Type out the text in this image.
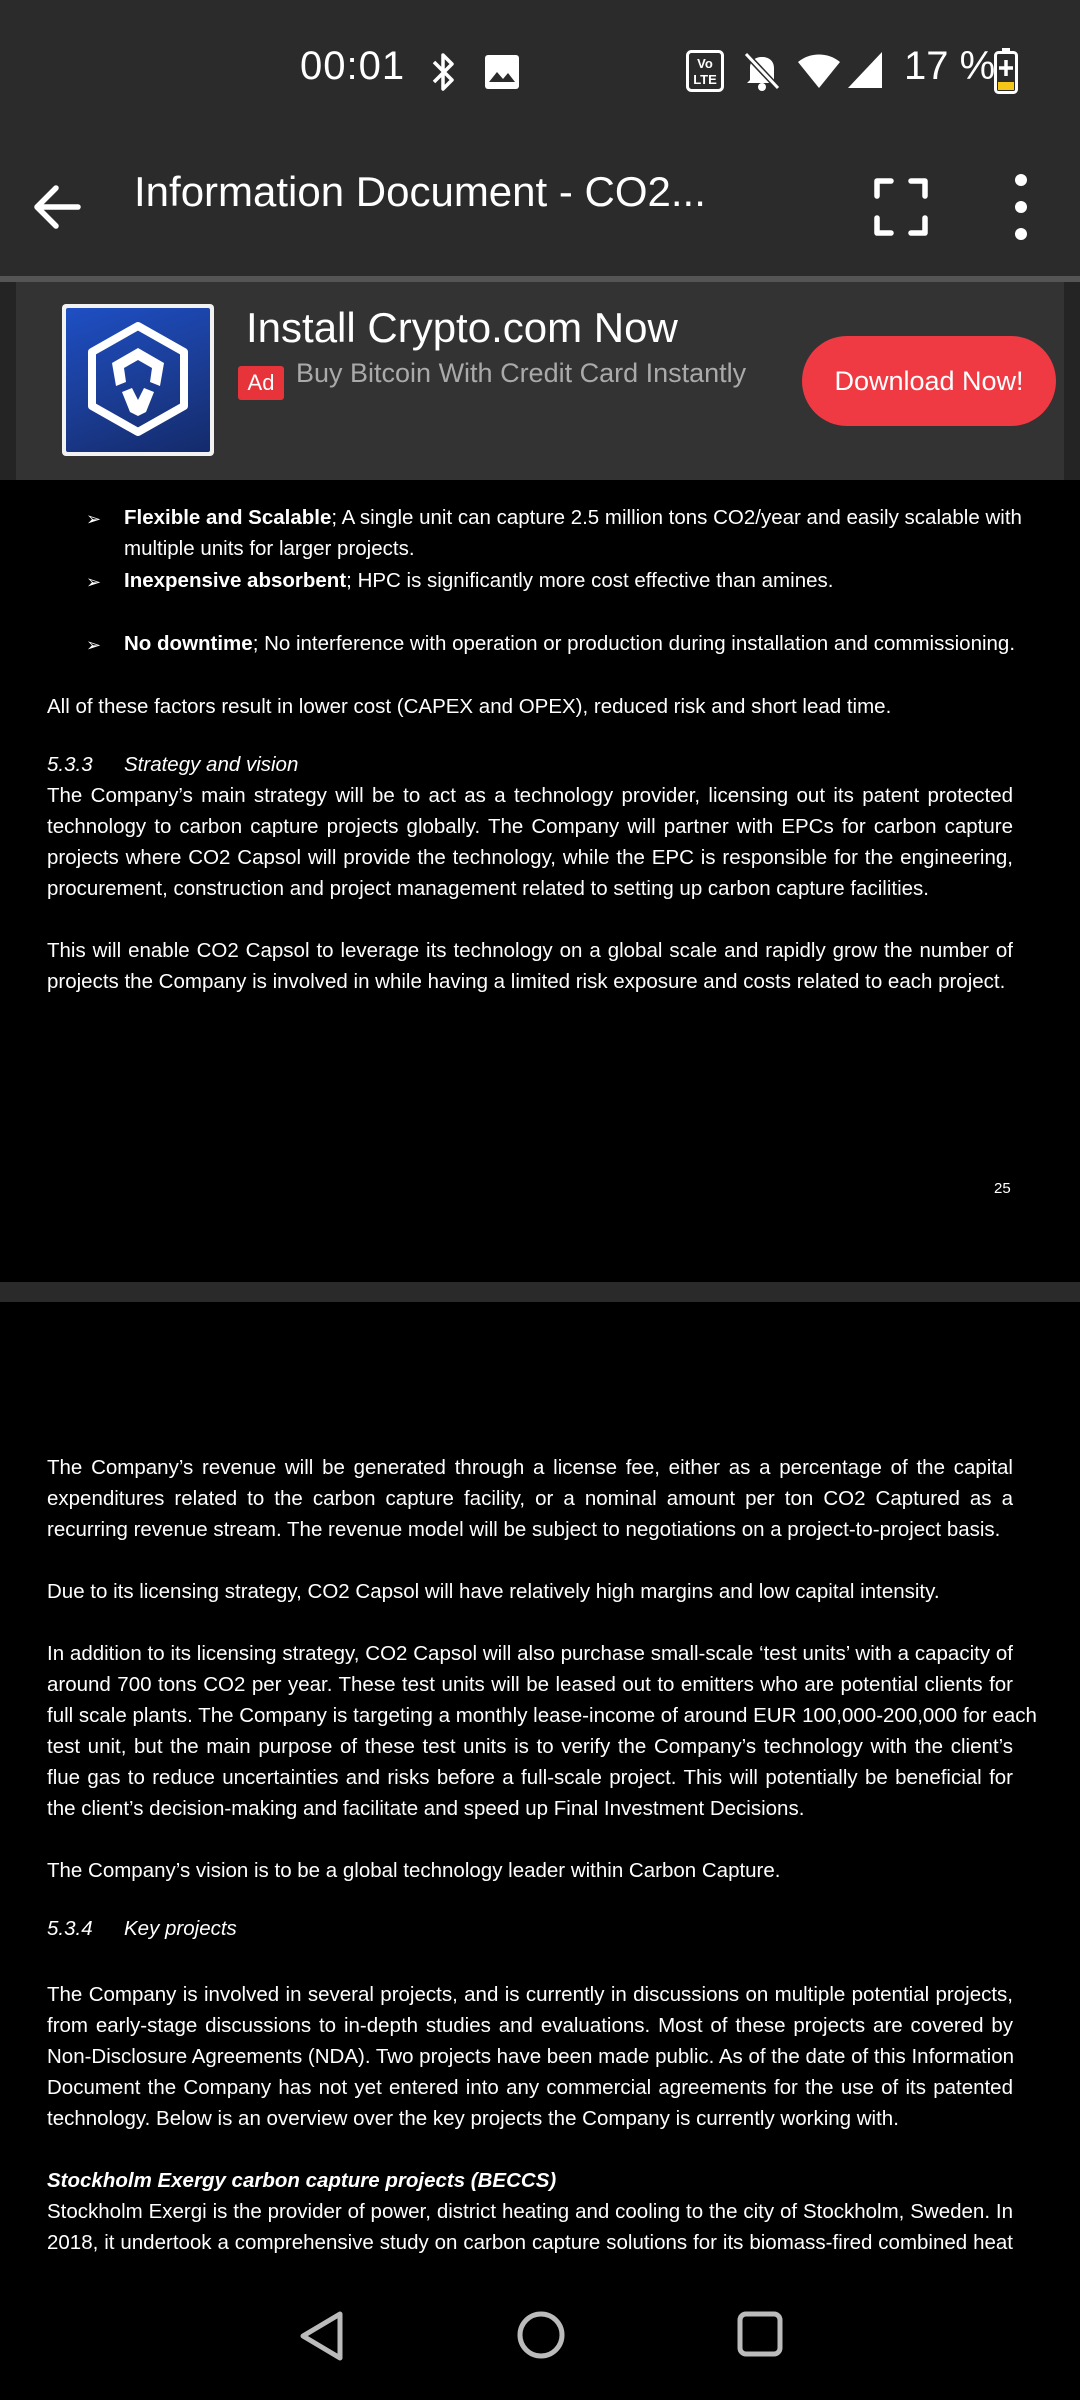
00:01	Vo
LTE	17 %
Information Document - CO2...
Install Crypto.com Now
Ad Buy Bitcoin With Credit Card Instantly	Download Now!
➢ Flexible and Scalable; A single unit can capture 2.5 million tons CO2/year and easily scalable with
multiple units for larger projects.
➢ Inexpensive absorbent; HPC is significantly more cost effective than amines.
➢ No downtime; No interference with operation or production during installation and commissioning.
All of these factors result in lower cost (CAPEX and OPEX), reduced risk and short lead time.
5.3.3 Strategy and vision
The Company’s main strategy will be to act as a technology provider, licensing out its patent protected
technology to carbon capture projects globally. The Company will partner with EPCs for carbon capture
projects where CO2 Capsol will provide the technology, while the EPC is responsible for the engineering,
procurement, construction and project management related to setting up carbon capture facilities.
This will enable CO2 Capsol to leverage its technology on a global scale and rapidly grow the number of
projects the Company is involved in while having a limited risk exposure and costs related to each project.
25
The Company’s revenue will be generated through a license fee, either as a percentage of the capital
expenditures related to the carbon capture facility, or a nominal amount per ton CO2 Captured as a
recurring revenue stream. The revenue model will be subject to negotiations on a project-to-project basis.
Due to its licensing strategy, CO2 Capsol will have relatively high margins and low capital intensity.
In addition to its licensing strategy, CO2 Capsol will also purchase small-scale ‘test units’ with a capacity of
around 700 tons CO2 per year. These test units will be leased out to emitters who are potential clients for
full scale plants. The Company is targeting a monthly lease-income of around EUR 100,000-200,000 for each
test unit, but the main purpose of these test units is to verify the Company’s technology with the client’s
flue gas to reduce uncertainties and risks before a full-scale project. This will potentially be beneficial for
the client’s decision-making and facilitate and speed up Final Investment Decisions.
The Company’s vision is to be a global technology leader within Carbon Capture.
5.3.4 Key projects
The Company is involved in several projects, and is currently in discussions on multiple potential projects,
from early-stage discussions to in-depth studies and evaluations. Most of these projects are covered by
Non-Disclosure Agreements (NDA). Two projects have been made public. As of the date of this Information
Document the Company has not yet entered into any commercial agreements for the use of its patented
technology. Below is an overview over the key projects the Company is currently working with.
Stockholm Exergy carbon capture projects (BECCS)
Stockholm Exergi is the provider of power, district heating and cooling to the city of Stockholm, Sweden. In
2018, it undertook a comprehensive study on carbon capture solutions for its biomass-fired combined heat
